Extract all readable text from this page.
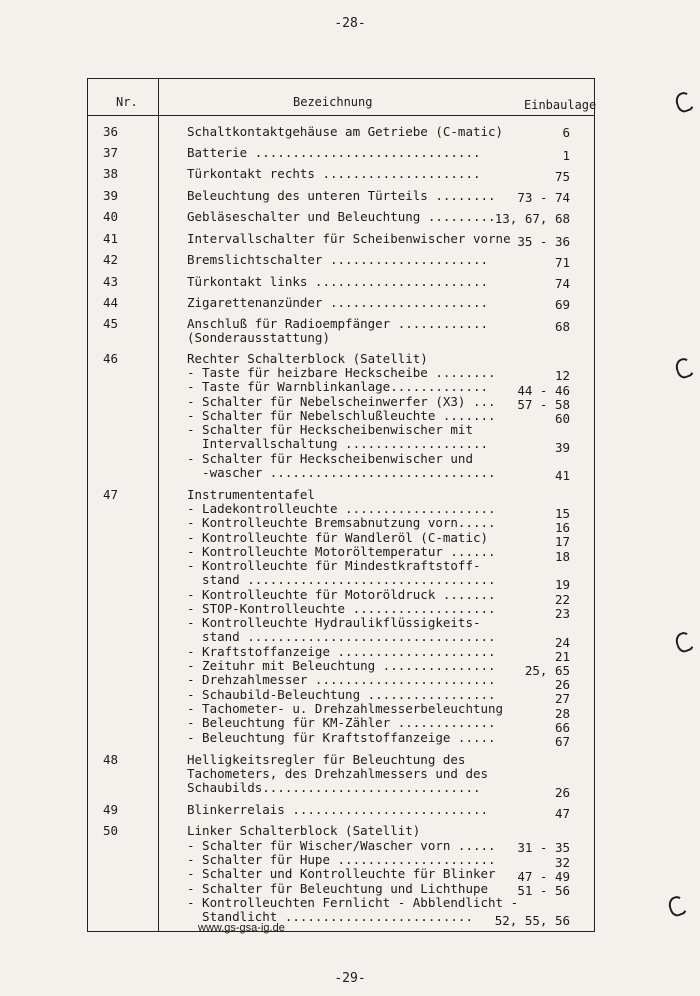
-28-
Nr.	Bezeichnung	Einbaulage
36	Schaltkontaktgehäuse am Getriebe (C-matic)	6
37	Batterie ..............................	1
38	Türkontakt rechts .....................	75
39	Beleuchtung des unteren Türteils ........ 73 - 74
40	Gebläseschalter und Beleuchtung ......... 13, 67, 68
41	Intervallschalter für Scheibenwischer vorne 35 - 36
42	Bremslichtschalter .....................	71
43	Türkontakt links .......................	74
44	Zigarettenanzünder .....................	69
45	Anschluß für Radioempfänger ............	68
(Sonderausstattung)
46	Rechter Schalterblock (Satellit)
- Taste für heizbare Heckscheibe ........	12
- Taste für Warnblinkanlage............. 44 - 46
- Schalter für Nebelscheinwerfer (X3) ... 57 - 58
- Schalter für Nebelschlußleuchte .......	60
- Schalter für Heckscheibenwischer mit
Intervallschaltung ...................	39
- Schalter für Heckscheibenwischer und
-wascher ..............................	41
47	Instrumententafel
- Ladekontrolleuchte ....................	15
- Kontrolleuchte Bremsabnutzung vorn.....	16
- Kontrolleuchte für Wandleröl (C-matic)	17
- Kontrolleuchte Motoröltemperatur ......	18
- Kontrolleuchte für Mindestkraftstoff-
stand .................................	19
- Kontrolleuchte für Motoröldruck .......	22
- STOP-Kontrolleuchte ...................	23
- Kontrolleuchte Hydraulikflüssigkeits-
stand .................................	24
- Kraftstoffanzeige .....................	21
- Zeituhr mit Beleuchtung ............... 25, 65
- Drehzahlmesser ........................	26
- Schaubild-Beleuchtung .................	27
- Tachometer- u. Drehzahlmesserbeleuchtung	28
- Beleuchtung für KM-Zähler .............	66
- Beleuchtung für Kraftstoffanzeige .....	67
48	Helligkeitsregler für Beleuchtung des
Tachometers, des Drehzahlmessers und des
Schaubilds.............................	26
49	Blinkerrelais ..........................	47
50	Linker Schalterblock (Satellit)
- Schalter für Wischer/Wascher vorn ..... 31 - 35
- Schalter für Hupe .....................	32
- Schalter und Kontrolleuchte für Blinker 47 - 49
- Schalter für Beleuchtung und Lichthupe 51 - 56
- Kontrolleuchten Fernlicht - Abblendlicht -
Standlicht ......................... 52, 55, 56
www.gs-gsa-ig.de
-29-
